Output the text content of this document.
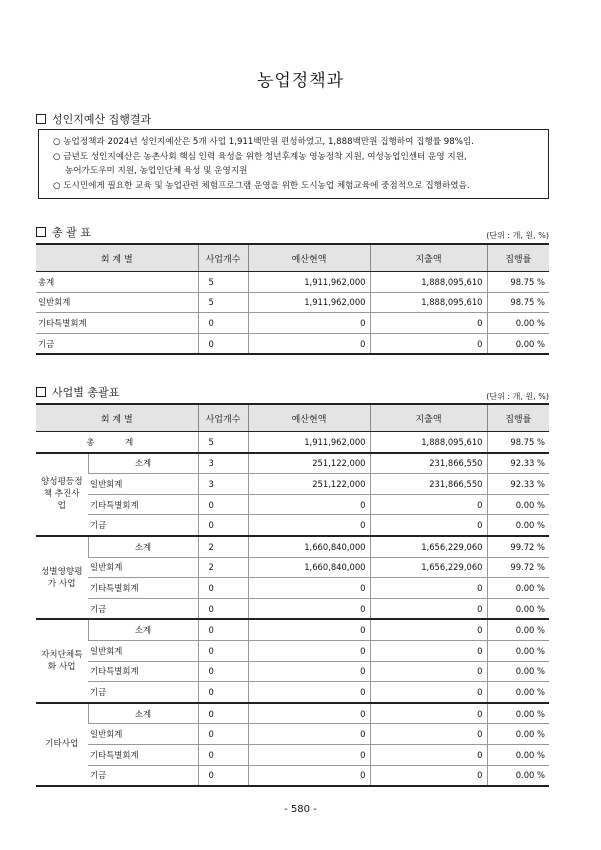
농업정책과
성인지예산 집행결과
○ 농업정책과 2024년 성인지예산은 5개 사업 1,911백만원 편성하였고, 1,888백만원 집행하여 집행률 98%임.
○ 금년도 성인지예산은 농촌사회 핵심 인력 육성을 위한 청년후계농 영농정착 지원, 여성농업인센터 운영 지원,
농어가도우미 지원, 농업인단체 육성 및 운영지원
○ 도시민에게 필요한 교육 및 농업관련 체험프로그램 운영을 위한 도시농업 체험교육에 중점적으로 집행하였음.
총 괄 표	(단위 : 개, 원, %)
회 계 별	사업개수	예산현액	지출액	집행률
총계	5	1,911,962,000	1,888,095,610	98.75 %
일반회계	5	1,911,962,000	1,888,095,610	98.75 %
기타특별회계	0	0	0	0.00 %
기금	0	0	0	0.00 %
사업별 총괄표	(단위 : 개, 원, %)
회 계 별		사업개수	예산현액	지출액	집행률
총 계		5	1,911,962,000	1,888,095,610	98.75 %
양성평등정책 추진사업	소계	3	251,122,000	231,866,550	92.33 %
	일반회계	3	251,122,000	231,866,550	92.33 %
	기타특별회계	0	0	0	0.00 %
	기금	0	0	0	0.00 %
성별영향평가 사업	소계	2	1,660,840,000	1,656,229,060	99.72 %
	일반회계	2	1,660,840,000	1,656,229,060	99.72 %
	기타특별회계	0	0	0	0.00 %
	기금	0	0	0	0.00 %
자치단체특화 사업	소계	0	0	0	0.00 %
	일반회계	0	0	0	0.00 %
	기타특별회계	0	0	0	0.00 %
	기금	0	0	0	0.00 %
기타사업	소계	0	0	0	0.00 %
	일반회계	0	0	0	0.00 %
	기타특별회계	0	0	0	0.00 %
	기금	0	0	0	0.00 %
- 580 -
